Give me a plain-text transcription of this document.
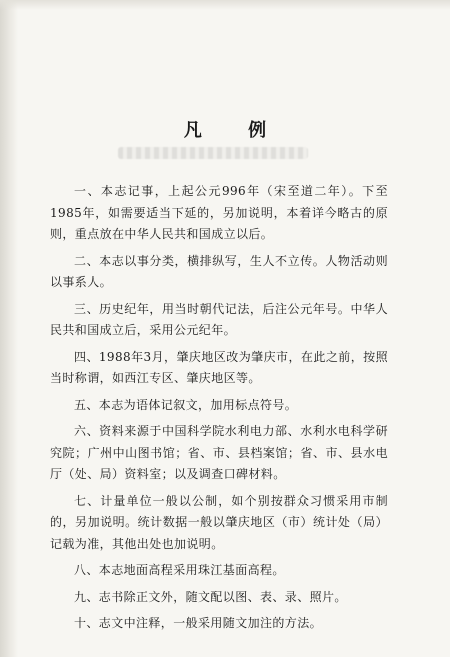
凡 例

一、本志记事，上起公元996年（宋至道二年）。下至1985年，如需要适当下延的，另加说明，本着详今略古的原则，重点放在中华人民共和国成立以后。

二、本志以事分类，横排纵写，生人不立传。人物活动则以事系人。

三、历史纪年，用当时朝代记法，后注公元年号。中华人民共和国成立后，采用公元纪年。

四、1988年3月，肇庆地区改为肇庆市，在此之前，按照当时称谓，如西江专区、肇庆地区等。

五、本志为语体记叙文，加用标点符号。

六、资料来源于中国科学院水利电力部、水利水电科学研究院；广州中山图书馆；省、市、县档案馆；省、市、县水电厅（处、局）资料室；以及调查口碑材料。

七、计量单位一般以公制，如个别按群众习惯采用市制的，另加说明。统计数据一般以肇庆地区（市）统计处（局）记载为准，其他出处也加说明。

八、本志地面高程采用珠江基面高程。

九、志书除正文外，随文配以图、表、录、照片。

十、志文中注释，一般采用随文加注的方法。
